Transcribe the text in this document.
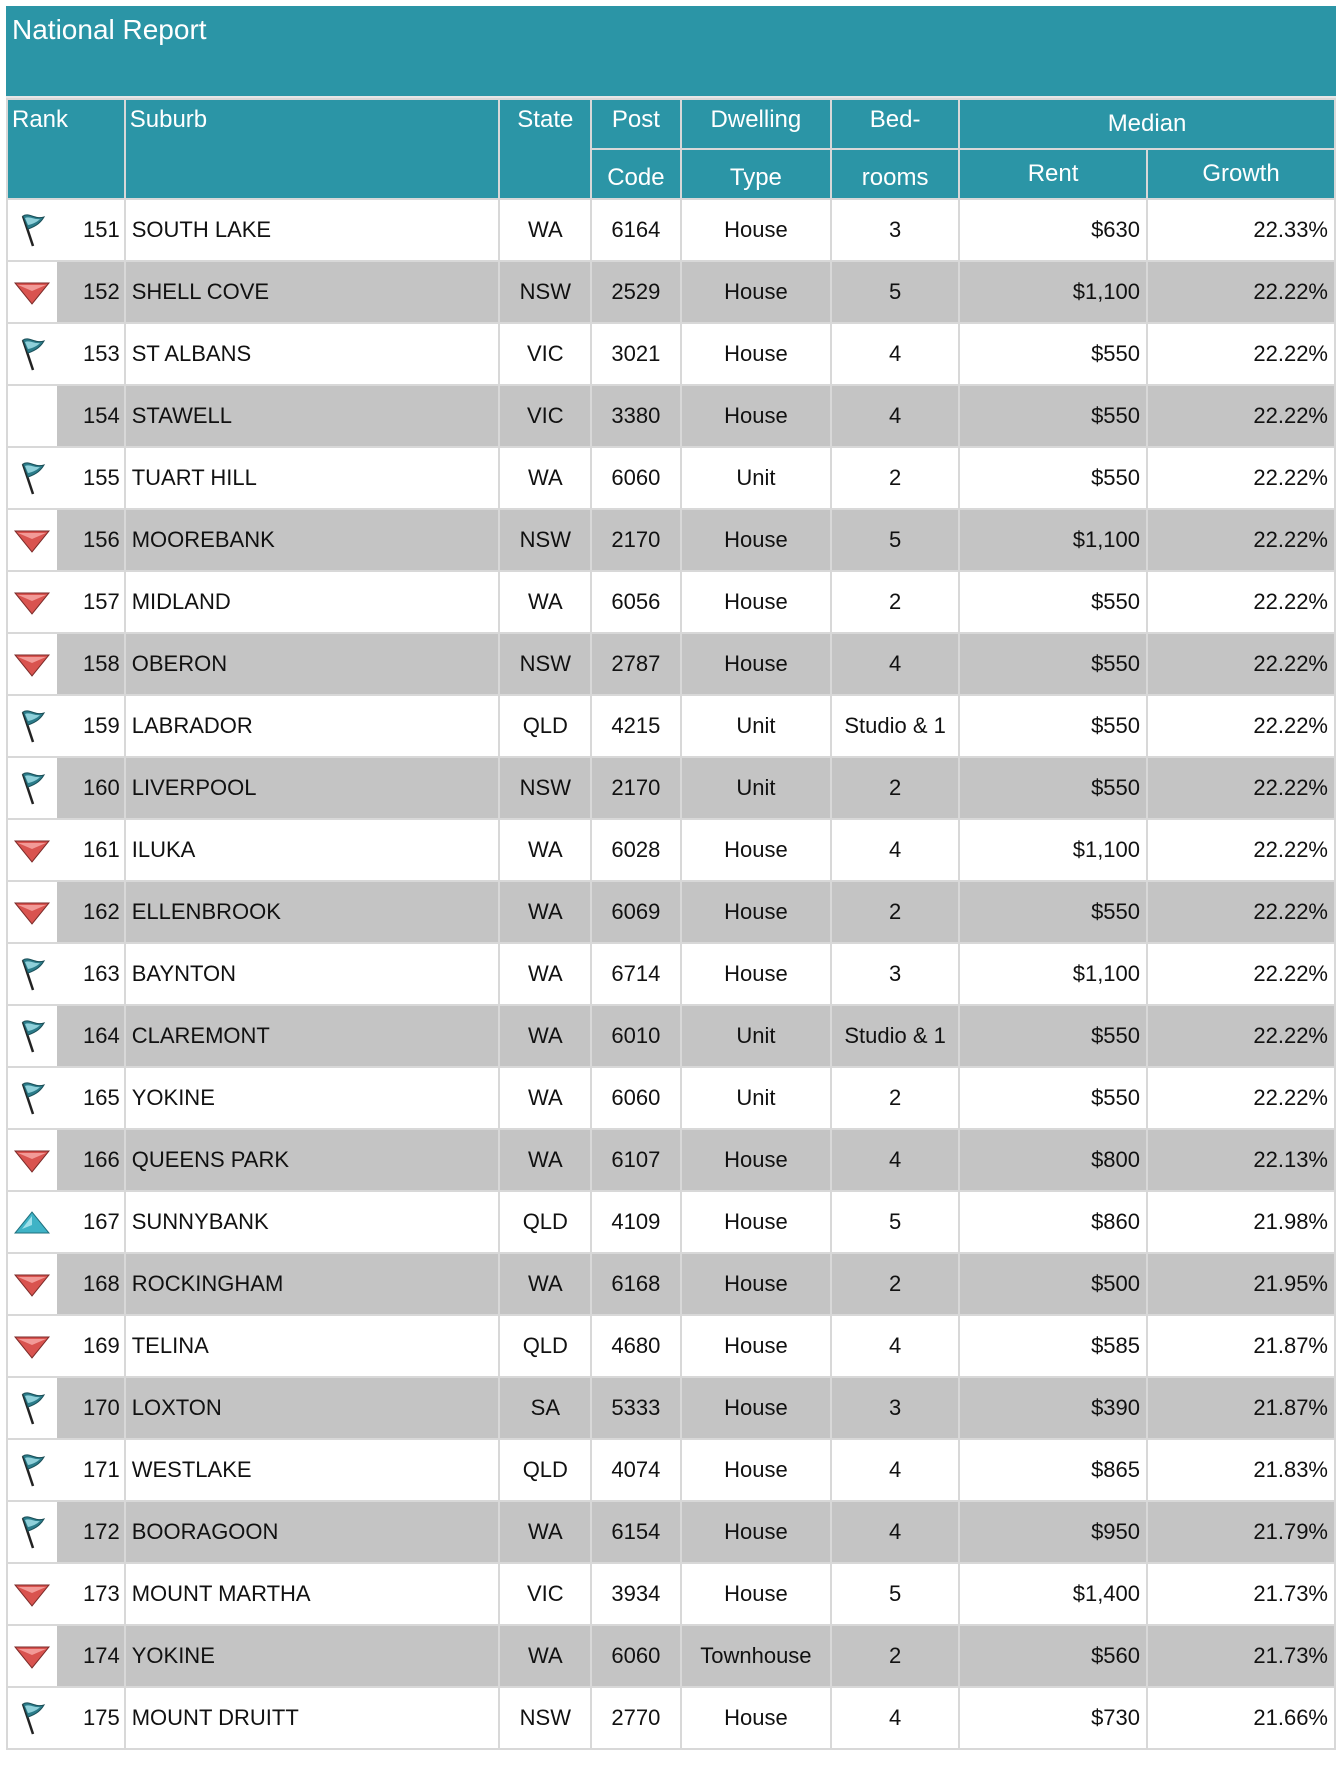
National Report
Rank		Suburb	State	Post	Dwelling	Bed-	Median	
				Code	Type	rooms	Rent	Growth
	151	SOUTH LAKE	WA	6164	House	3	$630	22.33%
	152	SHELL COVE	NSW	2529	House	5	$1,100	22.22%
	153	ST ALBANS	VIC	3021	House	4	$550	22.22%
	154	STAWELL	VIC	3380	House	4	$550	22.22%
	155	TUART HILL	WA	6060	Unit	2	$550	22.22%
	156	MOOREBANK	NSW	2170	House	5	$1,100	22.22%
	157	MIDLAND	WA	6056	House	2	$550	22.22%
	158	OBERON	NSW	2787	House	4	$550	22.22%
	159	LABRADOR	QLD	4215	Unit	Studio & 1	$550	22.22%
	160	LIVERPOOL	NSW	2170	Unit	2	$550	22.22%
	161	ILUKA	WA	6028	House	4	$1,100	22.22%
	162	ELLENBROOK	WA	6069	House	2	$550	22.22%
	163	BAYNTON	WA	6714	House	3	$1,100	22.22%
	164	CLAREMONT	WA	6010	Unit	Studio & 1	$550	22.22%
	165	YOKINE	WA	6060	Unit	2	$550	22.22%
	166	QUEENS PARK	WA	6107	House	4	$800	22.13%
	167	SUNNYBANK	QLD	4109	House	5	$860	21.98%
	168	ROCKINGHAM	WA	6168	House	2	$500	21.95%
	169	TELINA	QLD	4680	House	4	$585	21.87%
	170	LOXTON	SA	5333	House	3	$390	21.87%
	171	WESTLAKE	QLD	4074	House	4	$865	21.83%
	172	BOORAGOON	WA	6154	House	4	$950	21.79%
	173	MOUNT MARTHA	VIC	3934	House	5	$1,400	21.73%
	174	YOKINE	WA	6060	Townhouse	2	$560	21.73%
	175	MOUNT DRUITT	NSW	2770	House	4	$730	21.66%
